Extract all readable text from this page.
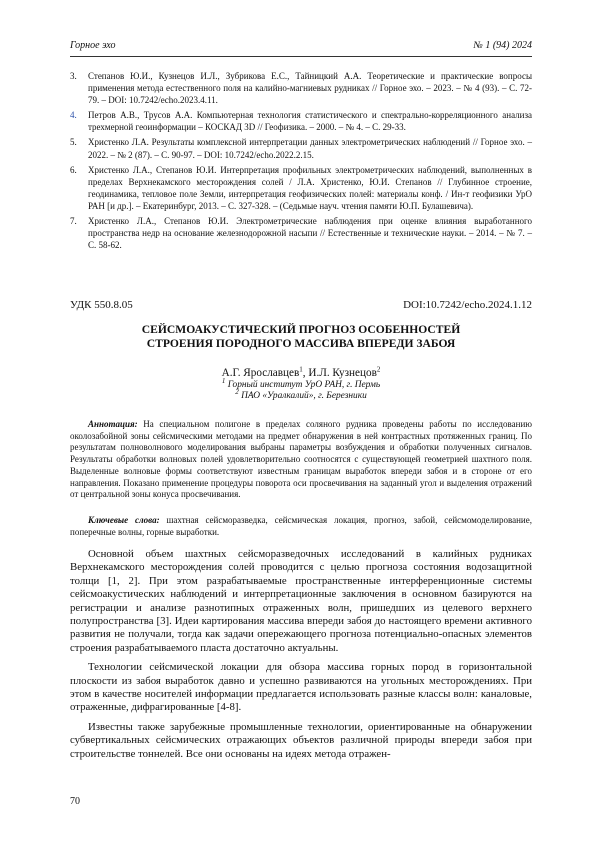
Горное эхо	№ 1 (94) 2024
3. Степанов Ю.И., Кузнецов И.Л., Зубрикова Е.С., Тайницкий А.А. Теоретические и практические вопросы применения метода естественного поля на калийно-магниевых рудниках // Горное эхо. – 2023. – № 4 (93). – С. 72-79. – DOI: 10.7242/echo.2023.4.11.
4. Петров А.В., Трусов А.А. Компьютерная технология статистического и спектрально-корреляционного анализа трехмерной геоинформации – КОСКАД 3D // Геофизика. – 2000. – № 4. – С. 29-33.
5. Христенко Л.А. Результаты комплексной интерпретации данных электрометрических наблюдений // Горное эхо. – 2022. – № 2 (87). – С. 90-97. – DOI: 10.7242/echo.2022.2.15.
6. Христенко Л.А., Степанов Ю.И. Интерпретация профильных электрометрических наблюдений, выполненных в пределах Верхнекамского месторождения солей / Л.А. Христенко, Ю.И. Степанов // Глубинное строение, геодинамика, тепловое поле Земли, интерпретация геофизических полей: материалы конф. / Ин-т геофизики УрО РАН [и др.]. – Екатеринбург, 2013. – С. 327-328. – (Седьмые науч. чтения памяти Ю.П. Булашевича).
7. Христенко Л.А., Степанов Ю.И. Электрометрические наблюдения при оценке влияния выработанного пространства недр на основание железнодорожной насыпи // Естественные и технические науки. – 2014. – № 7. – С. 58-62.
УДК 550.8.05	DOI:10.7242/echo.2024.1.12
СЕЙСМОАКУСТИЧЕСКИЙ ПРОГНОЗ ОСОБЕННОСТЕЙ
СТРОЕНИЯ ПОРОДНОГО МАССИВА ВПЕРЕДИ ЗАБОЯ
А.Г. Ярославцев$^1$, И.Л. Кузнецов$^2$
$^1$ Горный институт УрО РАН, г. Пермь
$^2$ ПАО «Уралкалий», г. Березники
Аннотация: На специальном полигоне в пределах соляного рудника проведены работы по исследованию околозабойной зоны сейсмическими методами на предмет обнаружения в ней контрастных протяженных границ. По результатам полноволнового моделирования выбраны параметры возбуждения и обработки полученных сигналов. Результаты обработки волновых полей удовлетворительно соотносятся с существующей геометрией шахтного поля. Выделенные волновые формы соответствуют известным границам выработок впереди забоя и в стороне от его направления. Показано применение процедуры поворота оси просвечивания на заданный угол и выделения отражений от центральной зоны конуса просвечивания.
Ключевые слова: шахтная сейсморазведка, сейсмическая локация, прогноз, забой, сейсмомоделирование, поперечные волны, горные выработки.

Основной объем шахтных сейсморазведочных исследований в калийных рудниках Верхнекамского месторождения солей проводится с целью прогноза состояния водозащитной толщи [1, 2]. При этом разрабатываемые пространственные интерференционные системы сейсмоакустических наблюдений и интерпретационные заключения в основном базируются на регистрации и анализе разнотипных отраженных волн, пришедших из целевого верхнего полупространства [3]. Идеи картирования массива впереди забоя до настоящего времени активного развития не получали, тогда как задачи опережающего прогноза потенциально-опасных элементов строения разрабатываемого пласта достаточно актуальны.

Технологии сейсмической локации для обзора массива горных пород в горизонтальной плоскости из забоя выработок давно и успешно развиваются на угольных месторождениях. При этом в качестве носителей информации предлагается использовать разные классы волн: каналовые, отраженные, дифрагированные [4-8].

Известны также зарубежные промышленные технологии, ориентированные на обнаружении субвертикальных сейсмических отражающих объектов различной природы впереди забоя при строительстве тоннелей. Все они основаны на идеях метода отражен-

70
